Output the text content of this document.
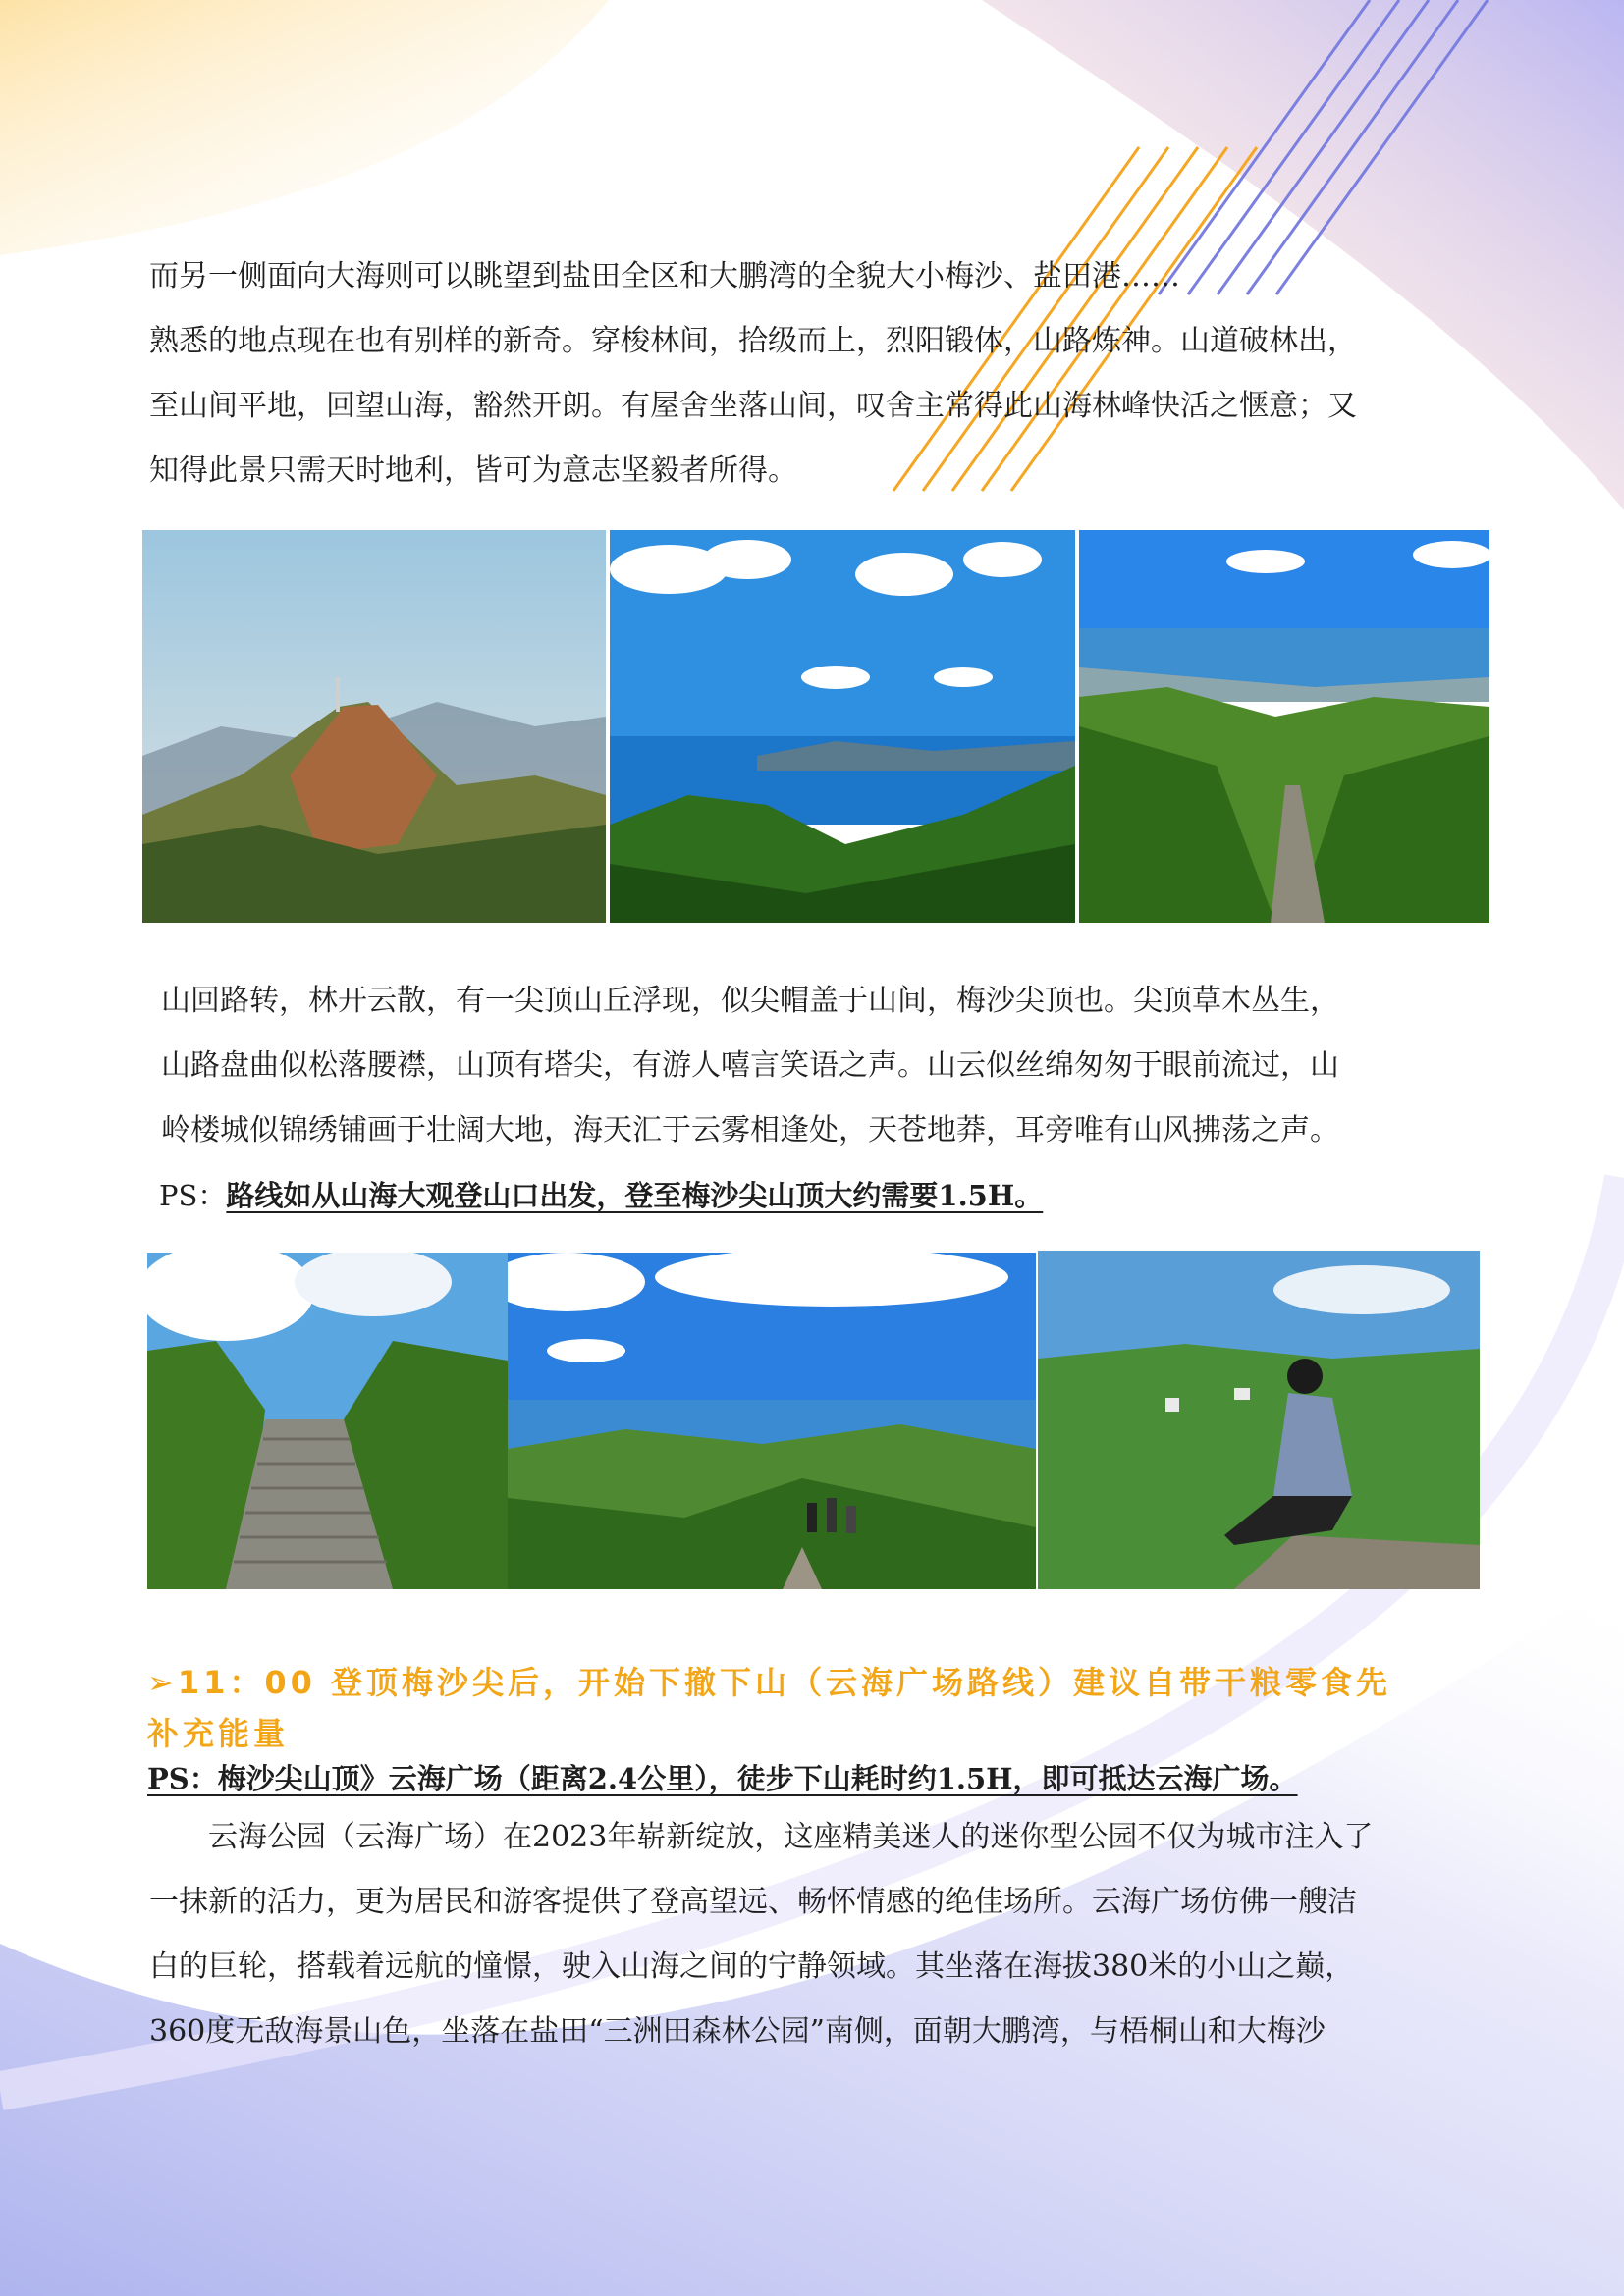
而另一侧面向大海则可以眺望到盐田全区和大鹏湾的全貌大小梅沙、盐田港……
熟悉的地点现在也有别样的新奇。穿梭林间，拾级而上，烈阳锻体，山路炼神。山道破林出，
至山间平地，回望山海，豁然开朗。有屋舍坐落山间，叹舍主常得此山海林峰快活之惬意；又
知得此景只需天时地利，皆可为意志坚毅者所得。
山回路转，林开云散，有一尖顶山丘浮现，似尖帽盖于山间，梅沙尖顶也。尖顶草木丛生，
山路盘曲似松落腰襟，山顶有塔尖，有游人嘻言笑语之声。山云似丝绵匆匆于眼前流过，山
岭楼城似锦绣铺画于壮阔大地，海天汇于云雾相逢处，天苍地莽，耳旁唯有山风拂荡之声。
PS：路线如从山海大观登山口出发，登至梅沙尖山顶大约需要1.5H。
➢11：00 登顶梅沙尖后，开始下撤下山（云海广场路线）建议自带干粮零食先
补充能量
PS：梅沙尖山顶》云海广场（距离2.4公里），徒步下山耗时约1.5H，即可抵达云海广场。
　　云海公园（云海广场）在2023年崭新绽放，这座精美迷人的迷你型公园不仅为城市注入了
一抹新的活力，更为居民和游客提供了登高望远、畅怀情感的绝佳场所。云海广场仿佛一艘洁
白的巨轮，搭载着远航的憧憬，驶入山海之间的宁静领域。其坐落在海拔380米的小山之巅，
360度无敌海景山色，坐落在盐田“三洲田森林公园”南侧，面朝大鹏湾，与梧桐山和大梅沙
